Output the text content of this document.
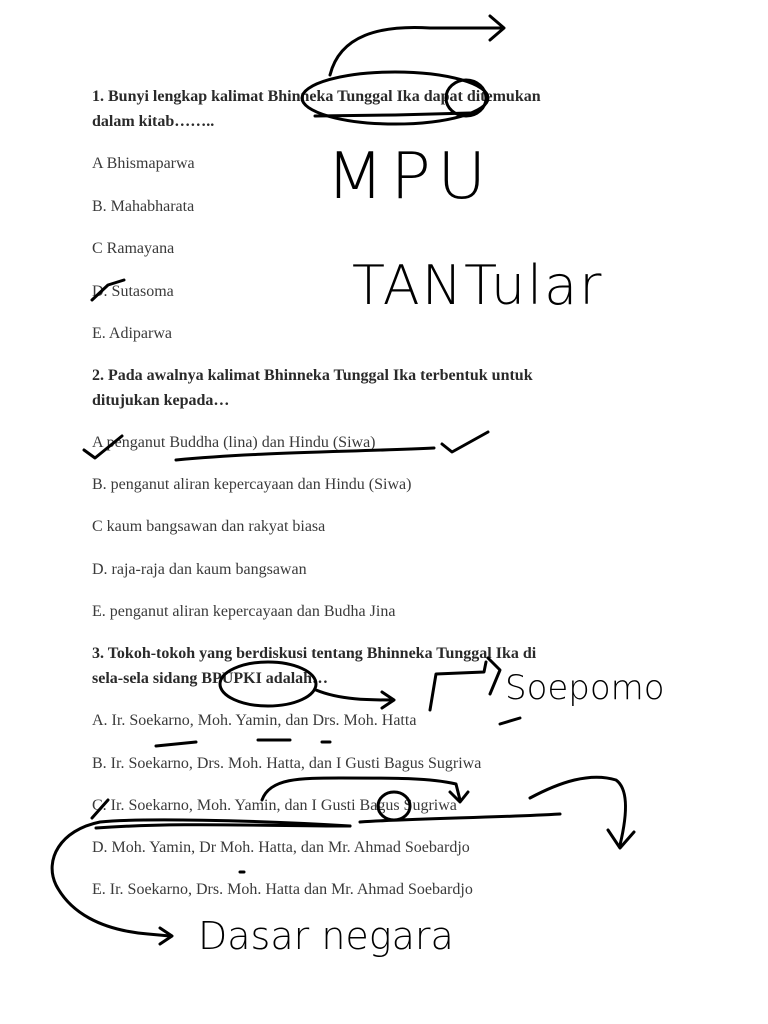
1. Bunyi lengkap kalimat Bhinneka Tunggal Ika dapat ditemukan
dalam kitab……..
A Bhismaparwa
B. Mahabharata
C Ramayana
D. Sutasoma
E. Adiparwa
2. Pada awalnya kalimat Bhinneka Tunggal Ika terbentuk untuk
ditujukan kepada…
A penganut Buddha (lina) dan Hindu (Siwa)
B. penganut aliran kepercayaan dan Hindu (Siwa)
C kaum bangsawan dan rakyat biasa
D. raja-raja dan kaum bangsawan
E. penganut aliran kepercayaan dan Budha Jina
3. Tokoh-tokoh yang berdiskusi tentang Bhinneka Tunggal Ika di
sela-sela sidang BPUPKI adalah…
A. Ir. Soekarno, Moh. Yamin, dan Drs. Moh. Hatta
B. Ir. Soekarno, Drs. Moh. Hatta, dan I Gusti Bagus Sugriwa
C. Ir. Soekarno, Moh. Yamin, dan I Gusti Bagus Sugriwa
D. Moh. Yamin, Dr Moh. Hatta, dan Mr. Ahmad Soebardjo
E. Ir. Soekarno, Drs. Moh. Hatta dan Mr. Ahmad Soebardjo
MPU
TANTular
Soepomo
Dasar negara
